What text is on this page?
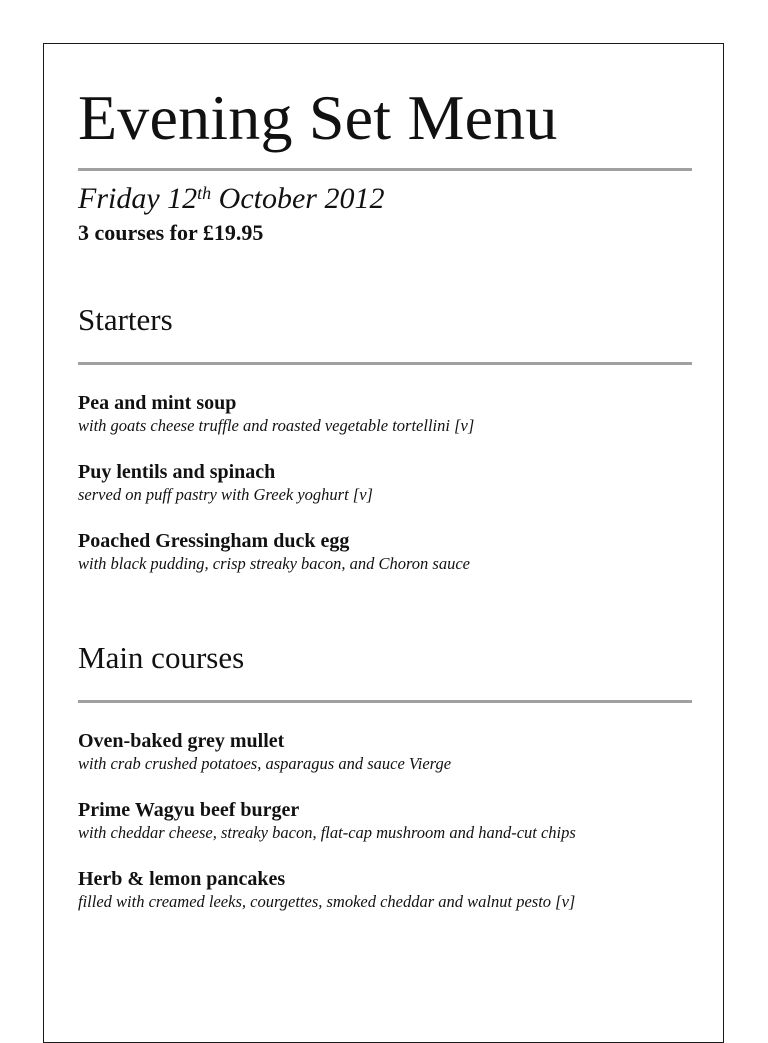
Evening Set Menu
Friday 12th October 2012
3 courses for £19.95
Starters
Pea and mint soup
with goats cheese truffle and roasted vegetable tortellini [v]
Puy lentils and spinach
served on puff pastry with Greek yoghurt [v]
Poached Gressingham duck egg
with black pudding, crisp streaky bacon, and Choron sauce
Main courses
Oven-baked grey mullet
with crab crushed potatoes, asparagus and sauce Vierge
Prime Wagyu beef burger
with cheddar cheese, streaky bacon, flat-cap mushroom and hand-cut chips
Herb & lemon pancakes
filled with creamed leeks, courgettes, smoked cheddar and walnut pesto [v]
